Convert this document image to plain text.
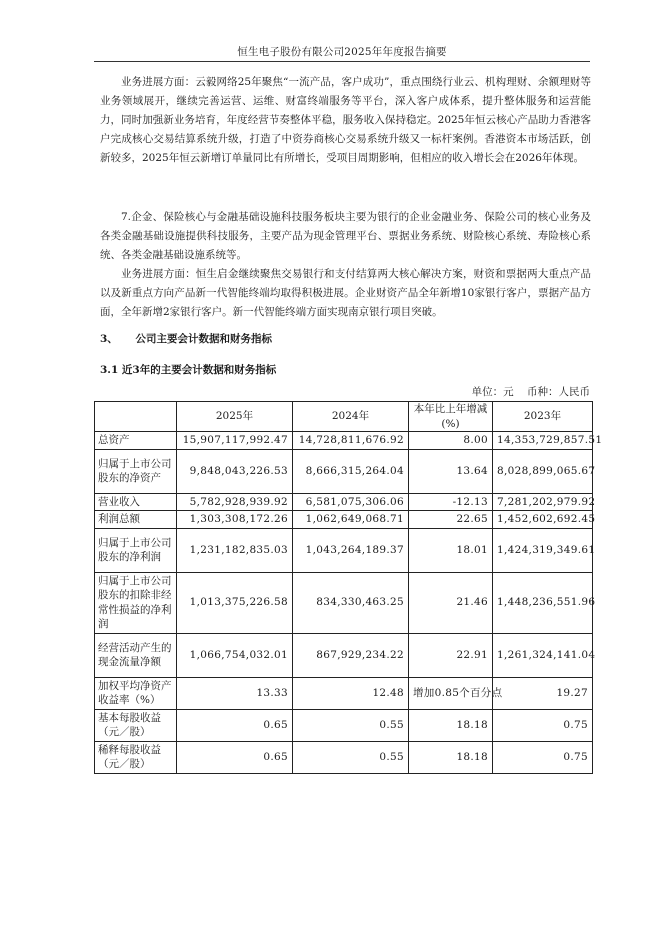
恒生电子股份有限公司2025年年度报告摘要

业务进展方面：云毅网络25年聚焦“一流产品，客户成功”，重点围绕行业云、机构理财、余额理财等业务领域展开，继续完善运营、运维、财富终端服务等平台，深入客户成体系，提升整体服务和运营能力，同时加强新业务培育，年度经营节奏整体平稳，服务收入保持稳定。2025年恒云核心产品助力香港客户完成核心交易结算系统升级，打造了中资券商核心交易系统升级又一标杆案例。香港资本市场活跃，创新较多，2025年恒云新增订单量同比有所增长，受项目周期影响，但相应的收入增长会在2026年体现。

7.企金、保险核心与金融基础设施科技服务板块主要为银行的企业金融业务、保险公司的核心业务及各类金融基础设施提供科技服务，主要产品为现金管理平台、票据业务系统、财险核心系统、寿险核心系统、各类金融基础设施系统等。

业务进展方面：恒生启金继续聚焦交易银行和支付结算两大核心解决方案，财资和票据两大重点产品以及新重点方向产品新一代智能终端均取得积极进展。企业财资产品全年新增10家银行客户，票据产品方面，全年新增2家银行客户。新一代智能终端方面实现南京银行项目突破。

3、 公司主要会计数据和财务指标
3.1 近3年的主要会计数据和财务指标
单位：元 币种：人民币
	2025年	2024年	本年比上年增减(%)	2023年
总资产	15,907,117,992.47	14,728,811,676.92	8.00	14,353,729,857.51
归属于上市公司股东的净资产	9,848,043,226.53	8,666,315,264.04	13.64	8,028,899,065.67
营业收入	5,782,928,939.92	6,581,075,306.06	-12.13	7,281,202,979.92
利润总额	1,303,308,172.26	1,062,649,068.71	22.65	1,452,602,692.45
归属于上市公司股东的净利润	1,231,182,835.03	1,043,264,189.37	18.01	1,424,319,349.61
归属于上市公司股东的扣除非经常性损益的净利润	1,013,375,226.58	834,330,463.25	21.46	1,448,236,551.96
经营活动产生的现金流量净额	1,066,754,032.01	867,929,234.22	22.91	1,261,324,141.04
加权平均净资产收益率（%）	13.33	12.48	增加0.85个百分点	19.27
基本每股收益（元／股）	0.65	0.55	18.18	0.75
稀释每股收益（元／股）	0.65	0.55	18.18	0.75
